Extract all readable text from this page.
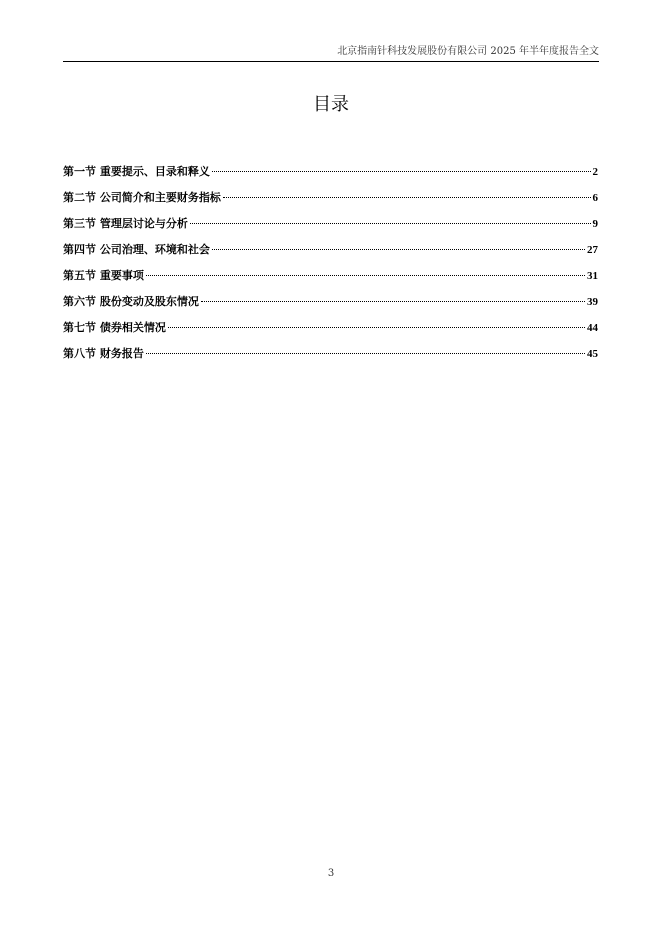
北京指南针科技发展股份有限公司 2025 年半年度报告全文
目录
第一节 重要提示、目录和释义	2
第二节 公司简介和主要财务指标	6
第三节 管理层讨论与分析	9
第四节 公司治理、环境和社会	27
第五节 重要事项	31
第六节 股份变动及股东情况	39
第七节 债券相关情况	44
第八节 财务报告	45
3
